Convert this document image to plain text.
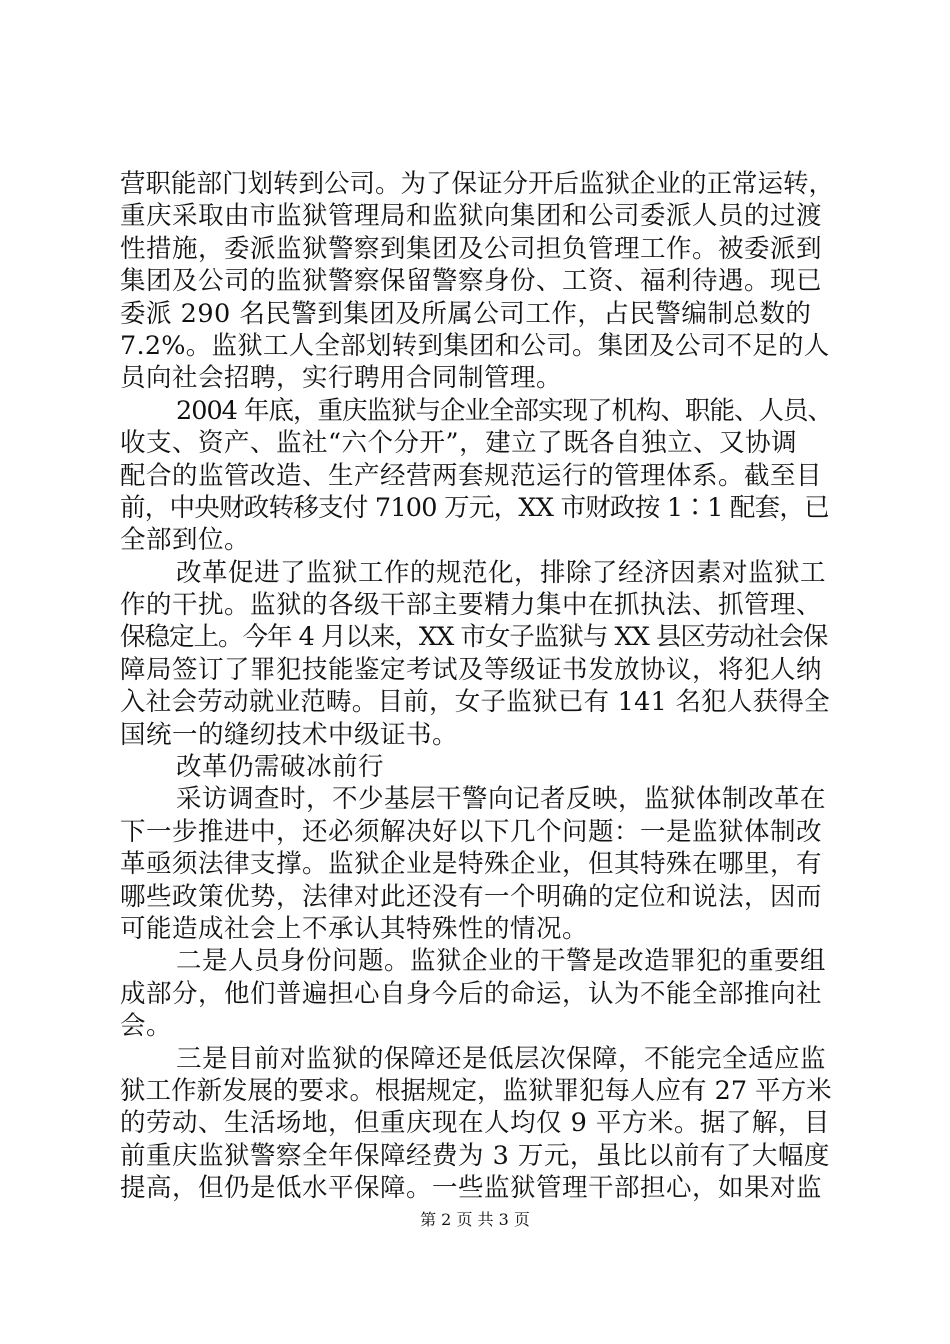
营职能部门划转到公司。为了保证分开后监狱企业的正常运转，
重庆采取由市监狱管理局和监狱向集团和公司委派人员的过渡
性措施，委派监狱警察到集团及公司担负管理工作。被委派到
集团及公司的监狱警察保留警察身份、工资、福利待遇。现已
委派 290 名民警到集团及所属公司工作，占民警编制总数的
7.2%。监狱工人全部划转到集团和公司。集团及公司不足的人
员向社会招聘，实行聘用合同制管理。
2004 年底，重庆监狱与企业全部实现了机构、职能、人员、
收支、资产、监社“六个分开”，建立了既各自独立、又协调
配合的监管改造、生产经营两套规范运行的管理体系。截至目
前，中央财政转移支付 7100 万元，XX 市财政按 1∶1 配套，已
全部到位。
改革促进了监狱工作的规范化，排除了经济因素对监狱工
作的干扰。监狱的各级干部主要精力集中在抓执法、抓管理、
保稳定上。今年 4 月以来，XX 市女子监狱与 XX 县区劳动社会保
障局签订了罪犯技能鉴定考试及等级证书发放协议，将犯人纳
入社会劳动就业范畴。目前，女子监狱已有 141 名犯人获得全
国统一的缝纫技术中级证书。
改革仍需破冰前行
采访调查时，不少基层干警向记者反映，监狱体制改革在
下一步推进中，还必须解决好以下几个问题：一是监狱体制改
革亟须法律支撑。监狱企业是特殊企业，但其特殊在哪里，有
哪些政策优势，法律对此还没有一个明确的定位和说法，因而
可能造成社会上不承认其特殊性的情况。
二是人员身份问题。监狱企业的干警是改造罪犯的重要组
成部分，他们普遍担心自身今后的命运，认为不能全部推向社
会。
三是目前对监狱的保障还是低层次保障，不能完全适应监
狱工作新发展的要求。根据规定，监狱罪犯每人应有 27 平方米
的劳动、生活场地，但重庆现在人均仅 9 平方米。据了解，目
前重庆监狱警察全年保障经费为 3 万元，虽比以前有了大幅度
提高，但仍是低水平保障。一些监狱管理干部担心，如果对监
第 2 页 共 3 页
